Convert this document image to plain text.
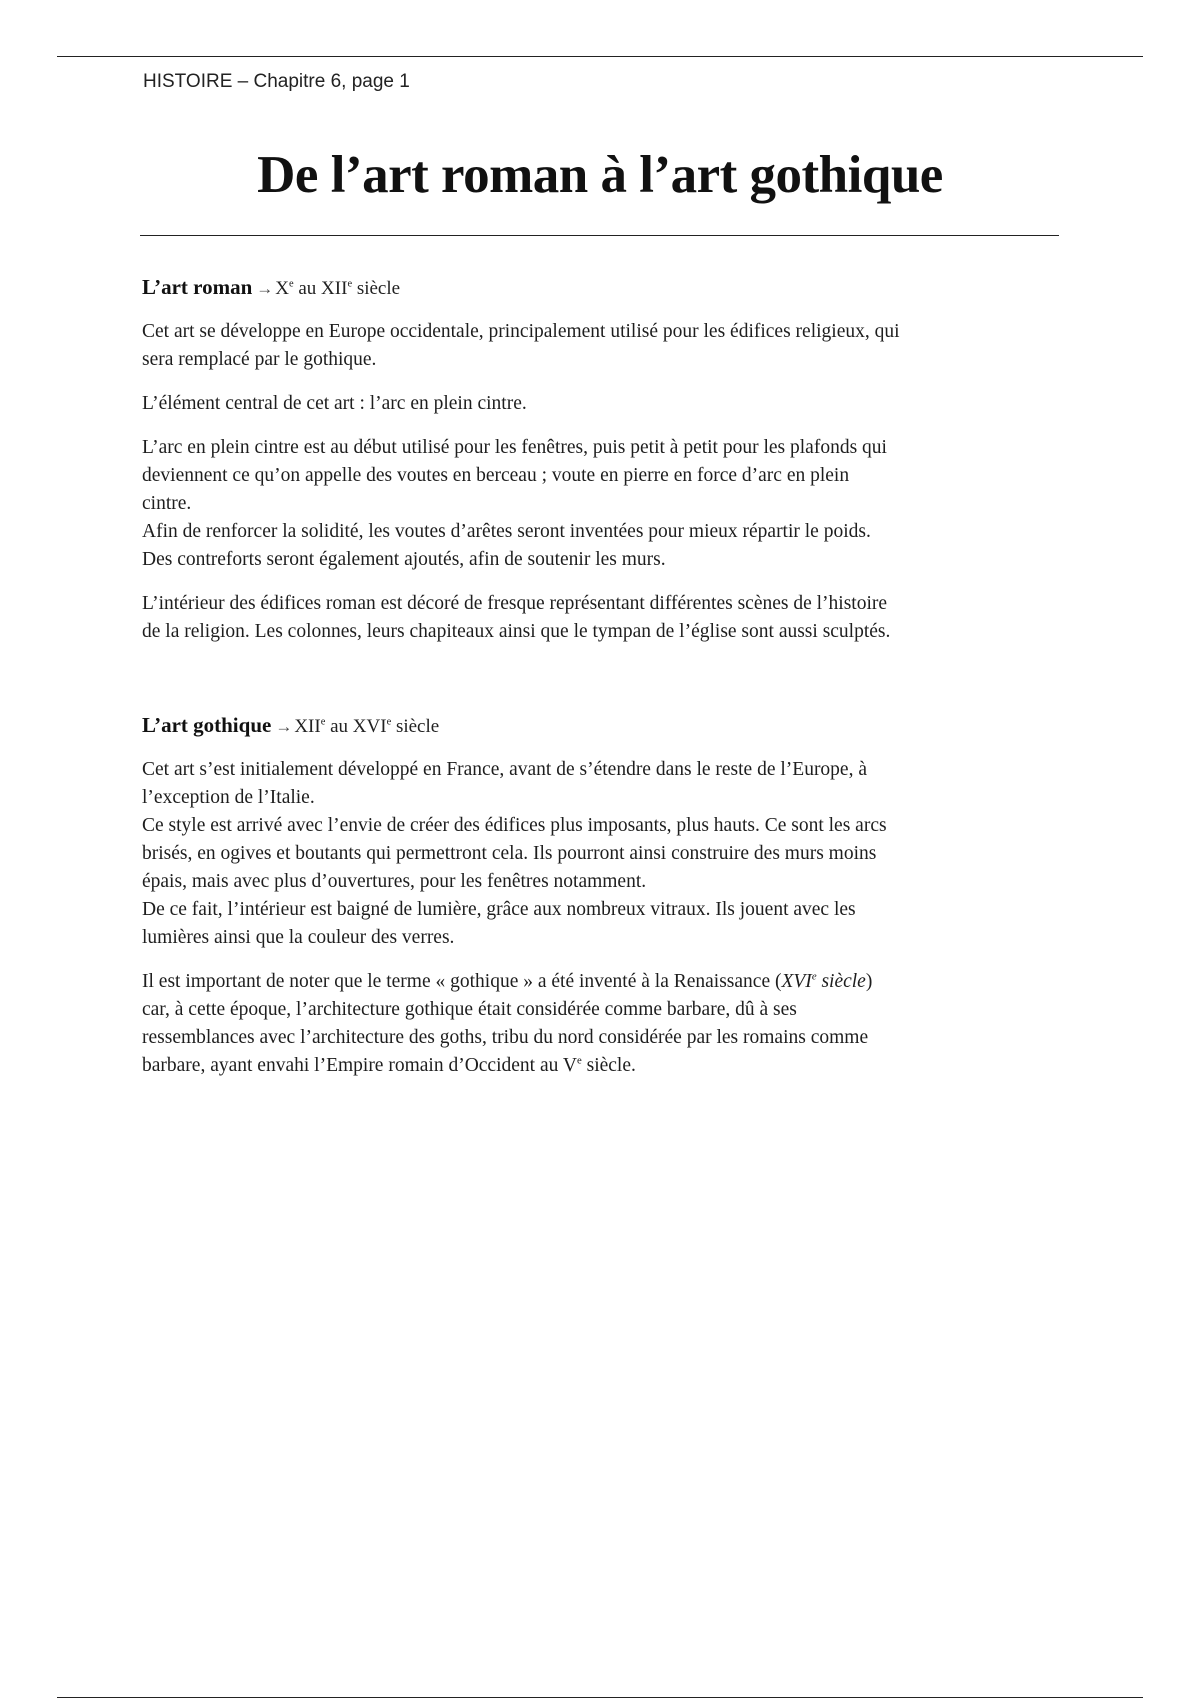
HISTOIRE – Chapitre 6, page 1
De l’art roman à l’art gothique
L’art roman → $X^e$ au XIIe siècle

Cet art se développe en Europe occidentale, principalement utilisé pour les édifices religieux, qui
sera remplacé par le gothique.

L’élément central de cet art : l’arc en plein cintre.

L’arc en plein cintre est au début utilisé pour les fenêtres, puis petit à petit pour les plafonds qui
deviennent ce qu’on appelle des voutes en berceau ; voute en pierre en force d’arc en plein
cintre.
Afin de renforcer la solidité, les voutes d’arêtes seront inventées pour mieux répartir le poids.
Des contreforts seront également ajoutés, afin de soutenir les murs.

L’intérieur des édifices roman est décoré de fresque représentant différentes scènes de l’histoire
de la religion. Les colonnes, leurs chapiteaux ainsi que le tympan de l’église sont aussi sculptés.

L’art gothique → $XII^e$ au XVIe siècle

Cet art s’est initialement développé en France, avant de s’étendre dans le reste de l’Europe, à
l’exception de l’Italie.
Ce style est arrivé avec l’envie de créer des édifices plus imposants, plus hauts. Ce sont les arcs
brisés, en ogives et boutants qui permettront cela. Ils pourront ainsi construire des murs moins
épais, mais avec plus d’ouvertures, pour les fenêtres notamment.
De ce fait, l’intérieur est baigné de lumière, grâce aux nombreux vitraux. Ils jouent avec les
lumières ainsi que la couleur des verres.

Il est important de noter que le terme « gothique » a été inventé à la Renaissance (XVIe siècle)
car, à cette époque, l’architecture gothique était considérée comme barbare, dû à ses
ressemblances avec l’architecture des goths, tribu du nord considérée par les romains comme
barbare, ayant envahi l’Empire romain d’Occident au Ve siècle.
